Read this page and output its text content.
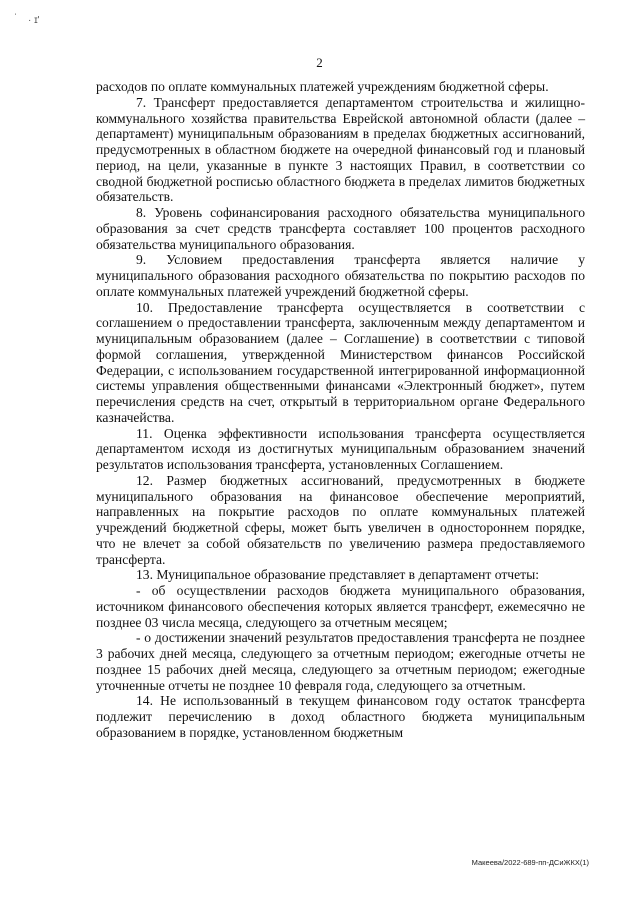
ˈ · ɪ'
2

расходов по оплате коммунальных платежей учреждениям бюджетной сферы.

7. Трансферт предоставляется департаментом строительства и жилищно-коммунального хозяйства правительства Еврейской автономной области (далее – департамент) муниципальным образованиям в пределах бюджетных ассигнований, предусмотренных в областном бюджете на очередной финансовый год и плановый период, на цели, указанные в пункте 3 настоящих Правил, в соответствии со сводной бюджетной росписью областного бюджета в пределах лимитов бюджетных обязательств.

8. Уровень софинансирования расходного обязательства муниципального образования за счет средств трансферта составляет 100 процентов расходного обязательства муниципального образования.

9. Условием предоставления трансферта является наличие у муниципального образования расходного обязательства по покрытию расходов по оплате коммунальных платежей учреждений бюджетной сферы.

10. Предоставление трансферта осуществляется в соответствии с соглашением о предоставлении трансферта, заключенным между департаментом и муниципальным образованием (далее – Соглашение) в соответствии с типовой формой соглашения, утвержденной Министерством финансов Российской Федерации, с использованием государственной интегрированной информационной системы управления общественными финансами «Электронный бюджет», путем перечисления средств на счет, открытый в территориальном органе Федерального казначейства.

11. Оценка эффективности использования трансферта осуществляется департаментом исходя из достигнутых муниципальным образованием значений результатов использования трансферта, установленных Соглашением.

12. Размер бюджетных ассигнований, предусмотренных в бюджете муниципального образования на финансовое обеспечение мероприятий, направленных на покрытие расходов по оплате коммунальных платежей учреждений бюджетной сферы, может быть увеличен в одностороннем порядке, что не влечет за собой обязательств по увеличению размера предоставляемого трансферта.

13. Муниципальное образование представляет в департамент отчеты:

- об осуществлении расходов бюджета муниципального образования, источником финансового обеспечения которых является трансферт, ежемесячно не позднее 03 числа месяца, следующего за отчетным месяцем;

- о достижении значений результатов предоставления трансферта не позднее 3 рабочих дней месяца, следующего за отчетным периодом; ежегодные отчеты не позднее 15 рабочих дней месяца, следующего за отчетным периодом; ежегодные уточненные отчеты не позднее 10 февраля года, следующего за отчетным.

14. Не использованный в текущем финансовом году остаток трансферта подлежит перечислению в доход областного бюджета муниципальным образованием в порядке, установленном бюджетным

Макеева/2022-689-пп-ДСиЖКХ(1)
